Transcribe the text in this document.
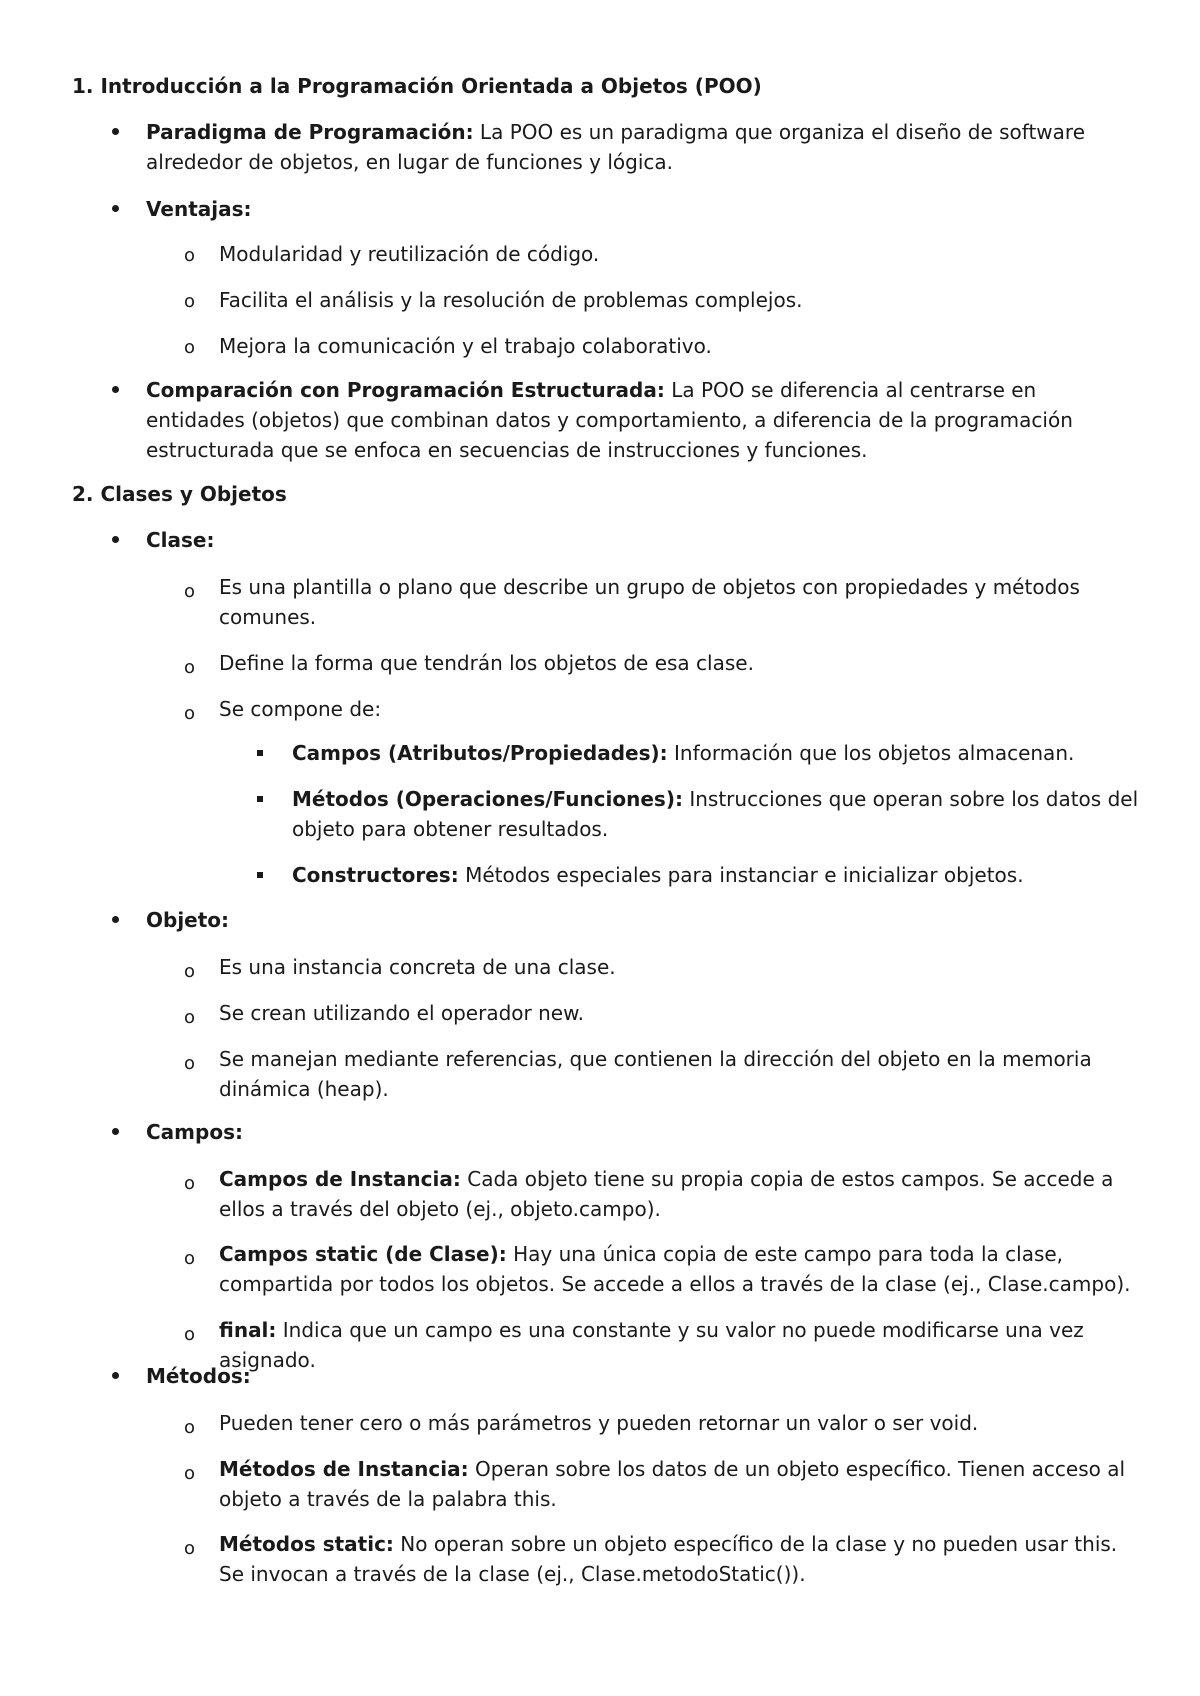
1. Introducción a la Programación Orientada a Objetos (POO)
Paradigma de Programación: La POO es un paradigma que organiza el diseño de software alrededor de objetos, en lugar de funciones y lógica.
Ventajas:
o Modularidad y reutilización de código.
o Facilita el análisis y la resolución de problemas complejos.
o Mejora la comunicación y el trabajo colaborativo.
Comparación con Programación Estructurada: La POO se diferencia al centrarse en entidades (objetos) que combinan datos y comportamiento, a diferencia de la programación estructurada que se enfoca en secuencias de instrucciones y funciones.
2. Clases y Objetos
Clase:
o Es una plantilla o plano que describe un grupo de objetos con propiedades y métodos comunes.
o Define la forma que tendrán los objetos de esa clase.
o Se compone de:
Campos (Atributos/Propiedades): Información que los objetos almacenan.
Métodos (Operaciones/Funciones): Instrucciones que operan sobre los datos del objeto para obtener resultados.
Constructores: Métodos especiales para instanciar e inicializar objetos.
Objeto:
o Es una instancia concreta de una clase.
o Se crean utilizando el operador new.
o Se manejan mediante referencias, que contienen la dirección del objeto en la memoria dinámica (heap).
Campos:
o Campos de Instancia: Cada objeto tiene su propia copia de estos campos. Se accede a ellos a través del objeto (ej., objeto.campo).
o Campos static (de Clase): Hay una única copia de este campo para toda la clase, compartida por todos los objetos. Se accede a ellos a través de la clase (ej., Clase.campo).
o final: Indica que un campo es una constante y su valor no puede modificarse una vez asignado.
Métodos:
o Pueden tener cero o más parámetros y pueden retornar un valor o ser void.
o Métodos de Instancia: Operan sobre los datos de un objeto específico. Tienen acceso al objeto a través de la palabra this.
o Métodos static: No operan sobre un objeto específico de la clase y no pueden usar this. Se invocan a través de la clase (ej., Clase.metodoStatic()).
